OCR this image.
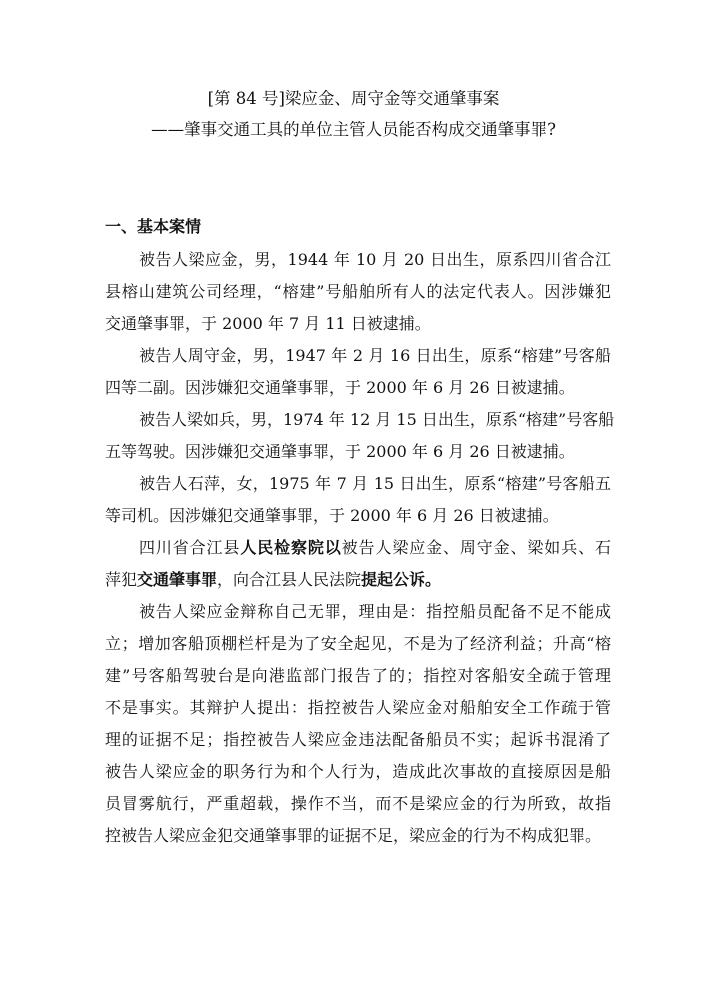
[第 84 号]梁应金、周守金等交通肇事案
——肇事交通工具的单位主管人员能否构成交通肇事罪?
一、基本案情
被告人梁应金，男，1944 年 10 月 20 日出生，原系四川省合江
县榕山建筑公司经理，“榕建”号船舶所有人的法定代表人。因涉嫌犯
交通肇事罪，于 2000 年 7 月 11 日被逮捕。
被告人周守金，男，1947 年 2 月 16 日出生，原系“榕建”号客船
四等二副。因涉嫌犯交通肇事罪，于 2000 年 6 月 26 日被逮捕。
被告人梁如兵，男，1974 年 12 月 15 日出生，原系“榕建”号客船
五等驾驶。因涉嫌犯交通肇事罪，于 2000 年 6 月 26 日被逮捕。
被告人石萍，女，1975 年 7 月 15 日出生，原系“榕建”号客船五
等司机。因涉嫌犯交通肇事罪，于 2000 年 6 月 26 日被逮捕。
四川省合江县人民检察院以被告人梁应金、周守金、梁如兵、石
萍犯交通肇事罪，向合江县人民法院提起公诉。
被告人梁应金辩称自己无罪，理由是：指控船员配备不足不能成
立；增加客船顶棚栏杆是为了安全起见，不是为了经济利益；升高“榕
建”号客船驾驶台是向港监部门报告了的；指控对客船安全疏于管理
不是事实。其辩护人提出：指控被告人梁应金对船舶安全工作疏于管
理的证据不足；指控被告人梁应金违法配备船员不实；起诉书混淆了
被告人梁应金的职务行为和个人行为，造成此次事故的直接原因是船
员冒雾航行，严重超载，操作不当，而不是梁应金的行为所致，故指
控被告人梁应金犯交通肇事罪的证据不足，梁应金的行为不构成犯罪。
